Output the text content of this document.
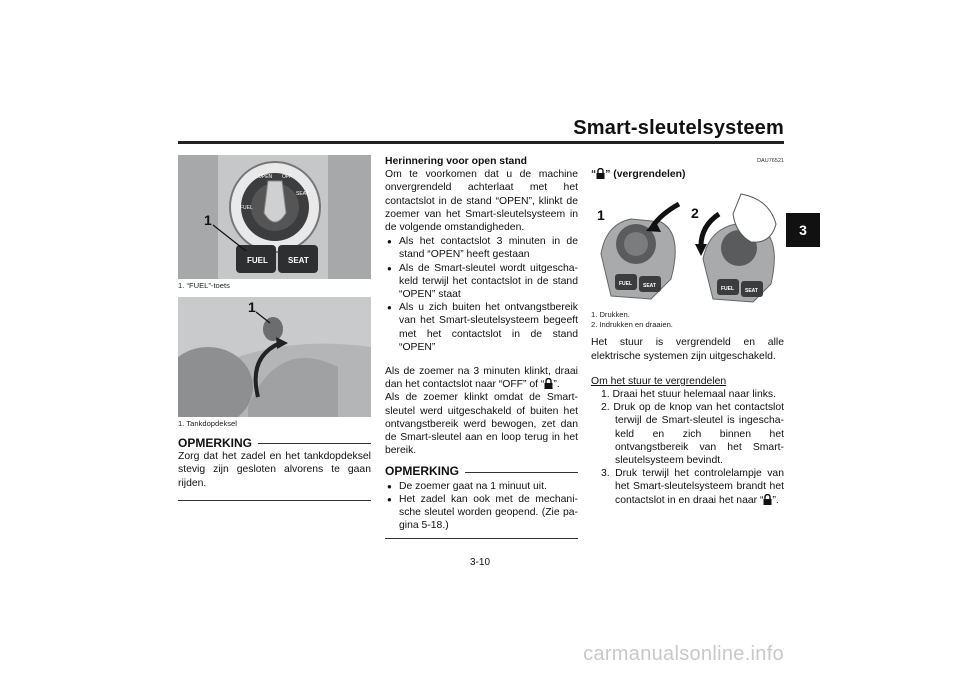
Smart-sleutelsysteem
3
OPEN OFF
SEAT
FUEL
FUEL	SEAT
1
1. “FUEL”-toets
1
1. Tankdopdeksel
OPMERKING
Zorg dat het zadel en het tankdopdeksel stevig zijn gesloten alvorens te gaan rijden.
Herinnering voor open stand
Om te voorkomen dat u de machine onvergrendeld achterlaat met het contactslot in de stand “OPEN”, klinkt de zoemer van het Smart-sleutelsysteem in de volgende omstandigheden.
● Als het contactslot 3 minuten in de stand “OPEN” heeft gestaan
● Als de Smart-sleutel wordt uitgeschakeld terwijl het contactslot in de stand “OPEN” staat
● Als u zich buiten het ontvangstbereik van het Smart-sleutelsysteem begeeft met het contactslot in de stand “OPEN”
Als de zoemer na 3 minuten klinkt, draai dan het contactslot naar “OFF” of “ ”.
Als de zoemer klinkt omdat de Smart-sleutel werd uitgeschakeld of buiten het ontvangstbereik werd bewogen, zet dan de Smart-sleutel aan en loop terug in het bereik.
OPMERKING
● De zoemer gaat na 1 minuut uit.
● Het zadel kan ook met de mechanische sleutel worden geopend. (Zie pagina 5-18.)
DAU76521
“ ” (vergrendelen)
FUEL SEAT
1
FUEL SEAT
2
1. Drukken.
2. Indrukken en draaien.
Het stuur is vergrendeld en alle elektrische systemen zijn uitgeschakeld.
Om het stuur te vergrendelen
1. Draai het stuur helemaal naar links.
2. Druk op de knop van het contactslot terwijl de Smart-sleutel is ingeschakeld en zich binnen het ontvangstbereik van het Smart-sleutelsysteem bevindt.
3. Druk terwijl het controlelampje van het Smart-sleutelsysteem brandt het contactslot in en draai het naar “ ”.
3-10
carmanualsonline.info
